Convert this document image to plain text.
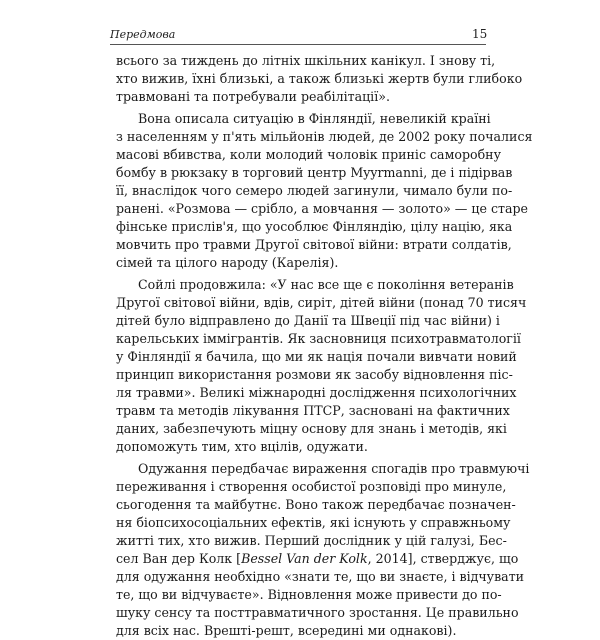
Передмова	15
всього за тиждень до літніх шкільних канікул. І знову ті,
хто вижив, їхні близькі, а також близькі жертв були глибоко
травмовані та потребували реабілітації».
Вона описала ситуацію в Фінляндії, невеликій країні
з населенням у п'ять мільйонів людей, де 2002 року почалися
масові вбивства, коли молодий чоловік приніс саморобну
бомбу в рюкзаку в торговий центр Myyrmanni, де і підірвав
її, внаслідок чого семеро людей загинули, чимало були по-
ранені. «Розмова — срібло, а мовчання — золото» — це старе
фінське прислів'я, що уособлює Фінляндію, цілу націю, яка
мовчить про травми Другої світової війни: втрати солдатів,
сімей та цілого народу (Карелія).
Сойлі продовжила: «У нас все ще є покоління ветеранів
Другої світової війни, вдів, сиріт, дітей війни (понад 70 тисяч
дітей було відправлено до Данії та Швеції під час війни) і
карельських іммігрантів. Як засновниця психотравматології
у Фінляндії я бачила, що ми як нація почали вивчати новий
принцип використання розмови як засобу відновлення піс-
ля травми». Великі міжнародні дослідження психологічних
травм та методів лікування ПТСР, засновані на фактичних
даних, забезпечують міцну основу для знань і методів, які
допоможуть тим, хто вцілів, одужати.
Одужання передбачає вираження спогадів про травмуючі
переживання і створення особистої розповіді про минуле,
сьогодення та майбутнє. Воно також передбачає позначен-
ня біопсихосоціальних ефектів, які існують у справжньому
житті тих, хто вижив. Перший дослідник у цій галузі, Бес-
сел Ван дер Колк [Bessel Van der Kolk, 2014], стверджує, що
для одужання необхідно «знати те, що ви знаєте, і відчувати
те, що ви відчуваєте». Відновлення може привести до по-
шуку сенсу та посттравматичного зростання. Це правильно
для всіх нас. Врешті-решт, всередині ми однакові).
